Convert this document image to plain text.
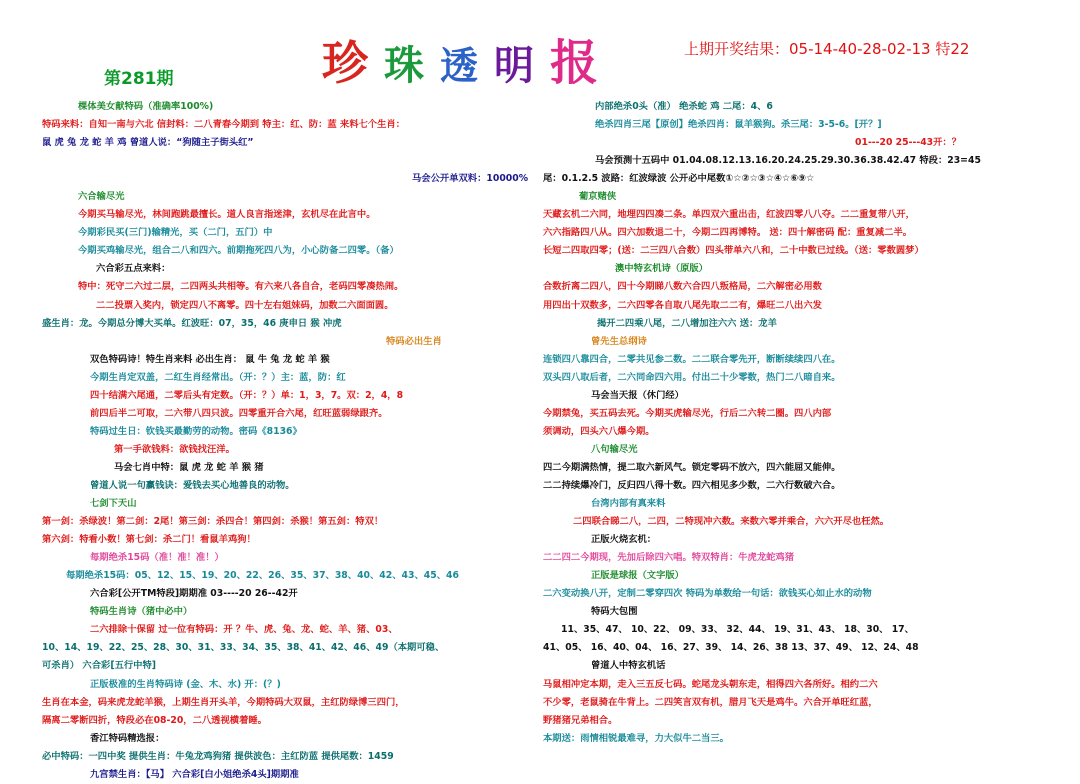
珍 珠 透 明 报
第281期
上期开奖结果：05-14-40-28-02-13 特22
棵体美女献特码（准确率100%)
特码来料：自知一南与六北 信封料：二八青春今期到 特主：红、防：蓝 来料七个生肖：
鼠 虎 兔 龙 蛇 羊 鸡 曾道人说：“狗随主子街头红”
马会公开单双料：10000%
六合输尽光
今期买马输尽光，林间跑跳最擅长。道人良言指迷津，玄机尽在此言中。
今期彩民买(三门)输精光，买（二门，五门）中
今期买鸡输尽光，组合二八和四六。前期拖死四八为，小心防备二四零。（备）
六合彩五点来料：
特中：死守二六过二层，二四两头共相等。有六来八各自合，老码四零凑热闹。
二二投票入奖内，锁定四八不离零。四十左右姐妹码，加数二六面面圆。
盛生肖：龙。今期总分博大买单。红波旺：07，35，46 庚申日 猴 冲虎
特码必出生肖
双色特码诗！特生肖来料 必出生肖： 鼠 牛 兔 龙 蛇 羊 猴
今期生肖定双盖，二红生肖经常出。（开：？）主：蓝，防：红
四十结满六尾通，二零后头有定数。（开：？）单：1，3，7。双：2，4，8
前四后半二可取，二六带八四只波。四零重开合六尾，红旺蓝弱绿跟齐。
特码过生日：钦钱买最勤劳的动物。密码《8136》
第一手欲钱料：欲钱找汪洋。
马会七肖中特：鼠 虎 龙 蛇 羊 猴 猪
曾道人说一句赢钱诀：爱钱去买心地善良的动物。
七剑下天山
第一剑：杀绿波！第二剑：2尾！第三剑：杀四合！第四剑：杀猴！第五剑：特双！
第六剑：特看小数！第七剑：杀二门！看鼠羊鸡狗！
每期绝杀15码（准！准！准！）
每期绝杀15码：05、12、15、19、20、22、26、35、37、38、40、42、43、45、46
六合彩[公开TM特段]期期准 03----20 26--42开
特码生肖诗（猪中必中）
二六排除十保留 过一位有特码：开 ？牛、虎、兔、龙、蛇、羊、猪、03、
10、14、19、22、25、28、30、31、33、34、35、38、41、42、46、49（本期可稳、
可杀肖） 六合彩[五行中特]
正版极准的生肖特码诗 (金、木、水) 开：(？)
生肖在本金，码来虎龙蛇羊猴，上期生肖开头羊，今期特码大双鼠，主红防绿博三四门，
隔离二零断四折，特段必在08-20，二八透视横着睡。
香江特码精选报：
必中特码：一四中奖 提供生肖：牛兔龙鸡狗猪 提供波色：主红防蓝 提供尾数：1459
九宫禁生肖：【马】 六合彩[白小姐绝杀4头]期期准
内部绝杀0头（准） 绝杀蛇 鸡 二尾：4、6
绝杀四肖三尾【原创】绝杀四肖：鼠羊猴狗。杀三尾：3-5-6。[开？]
01---20 25---43开：？
马会预测十五码中 01.04.08.12.13.16.20.24.25.29.30.36.38.42.47 特段：23=45
尾：0.1.2.5 波路：红波绿波 公开必中尾数①☆②☆③☆④☆⑥⑨☆
葡京赌侠
天藏玄机二六同，地埋四四凑二条。单四双六重出击，红波四零八八夺。二二重复带八开，
六六指路四八从。四六加数退二十，今期二四再博特。 送：四十解密码 配：重复减二半。
长短二四取四零；(送：二三四八合数）四头带单六八和，二十中数已过线。（送：零数圆梦）
澳中特玄机诗（原版）
合数折离二四八，四十今期睇八数六合四八叛格局，二六解密必用数
用四出十双数多，二六四零各自取八尾先取二二有，爆旺二八出六发
揭开二四乘八尾，二八增加注六六 送：龙羊
曾先生总纲诗
连锁四八靠四合，二零共见参二数。二二联合零先开，断断续续四八在。
双头四八取后者，二六同命四六用。付出二十少零数，热门二八暗自来。
马会当天报（休门经）
今期禁兔，买五码去死。今期买虎输尽光，行后二六转二圈。四八内部
须调动，四头六八爆今期。
八句输尽光
四二今期满热情，提二取六新风气。锁定零码不放六，四六能屈又能伸。
二二持续爆冷门，反归四八得十数。四六相见多少数，二六行数破六合。
台湾内部有真来料
二四联合睇二八，二四，二特现冲六数。来数六零并乘合，六六开尽也枉然。
正版火烧玄机：
二二四二今期现，先加后除四六唱。特双特肖：牛虎龙蛇鸡猪
正版是球报（文字版）
二六变动换八开，定制二零穿四次 特码为单数给一句话：欲钱买心如止水的动物
特码大包围
11、35、47、 10、22、 09、33、 32、44、 19、31、43、 18、30、 17、
41、05、 16、40、04、 16、27、39、 14、26、38 13、37、49、 12、24、48
曾道人中特玄机话
马鼠相冲定本期，走入三五反七码。蛇尾龙头朝东走，相得四六各所好。相约二六
不少零，老鼠骑在牛背上。二四笑言双有机，腊月飞天是鸡牛。六合开单旺红蓝，
野猪猪兄弟相合。
本期送：雨情相锐最难寻，力大似牛二当三。
